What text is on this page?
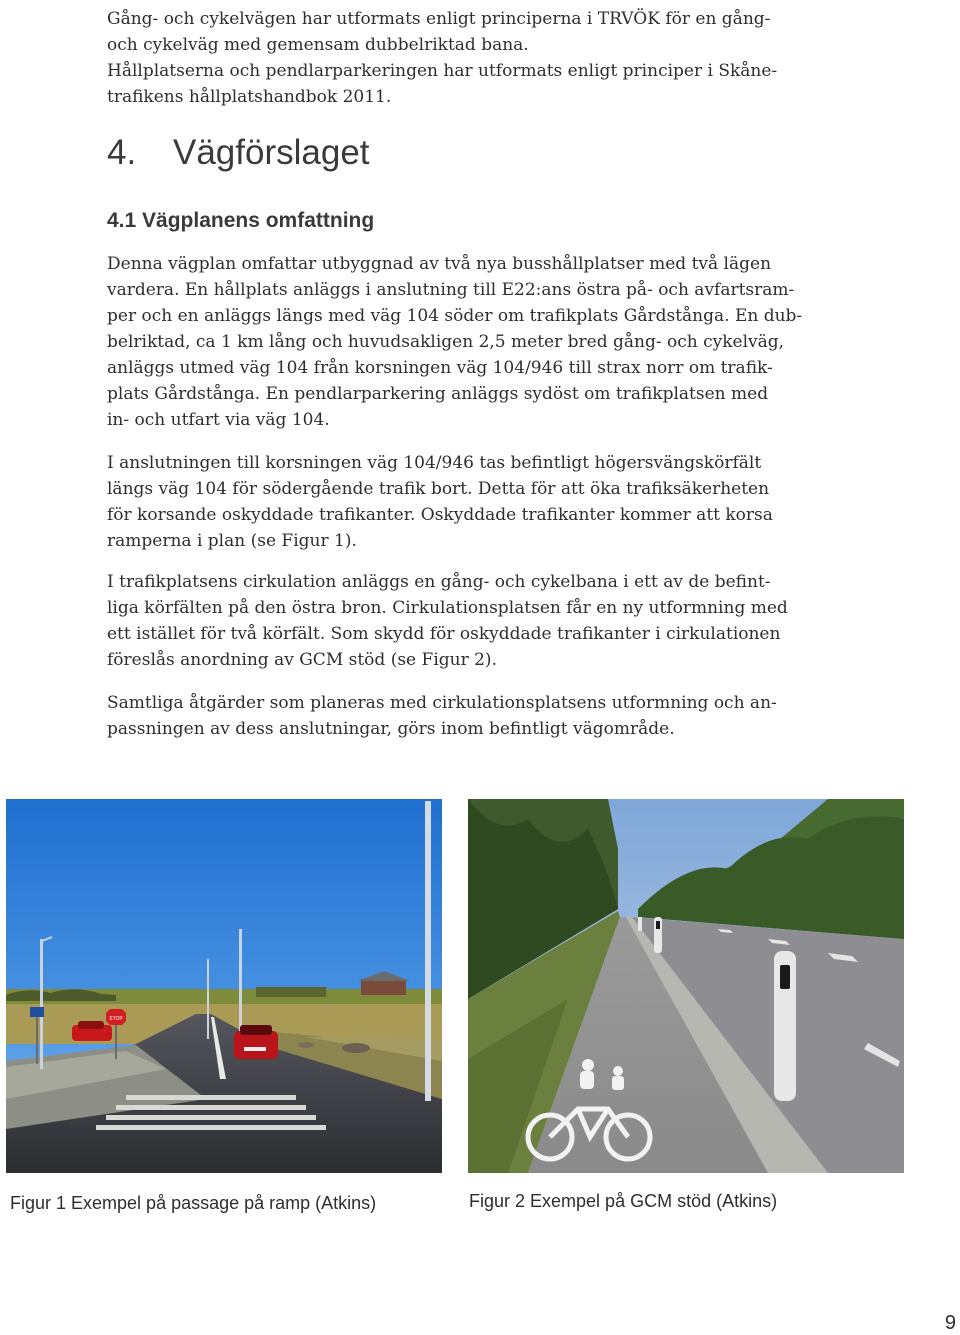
Gång- och cykelvägen har utformats enligt principerna i TRVÖK för en gång-
och cykelväg med gemensam dubbelriktad bana.
Hållplatserna och pendlarparkeringen har utformats enligt principer i Skåne-
trafikens hållplatshandbok 2011.
4. Vägförslaget
4.1 Vägplanens omfattning
Denna vägplan omfattar utbyggnad av två nya busshållplatser med två lägen
vardera. En hållplats anläggs i anslutning till E22:ans östra på- och avfartsram-
per och en anläggs längs med väg 104 söder om trafikplats Gårdstånga. En dub-
belriktad, ca 1 km lång och huvudsakligen 2,5 meter bred gång- och cykelväg,
anläggs utmed väg 104 från korsningen väg 104/946 till strax norr om trafik-
plats Gårdstånga. En pendlarparkering anläggs sydöst om trafikplatsen med
in- och utfart via väg 104.
I anslutningen till korsningen väg 104/946 tas befintligt högersvängskörfält
längs väg 104 för södergående trafik bort. Detta för att öka trafiksäkerheten
för korsande oskyddade trafikanter. Oskyddade trafikanter kommer att korsa
ramperna i plan (se Figur 1).
I trafikplatsens cirkulation anläggs en gång- och cykelbana i ett av de befint-
liga körfälten på den östra bron. Cirkulationsplatsen får en ny utformning med
ett istället för två körfält. Som skydd för oskyddade trafikanter i cirkulationen
föreslås anordning av GCM stöd (se Figur 2).
Samtliga åtgärder som planeras med cirkulationsplatsens utformning och an-
passningen av dess anslutningar, görs inom befintligt vägområde.
STOP
Figur 1 Exempel på passage på ramp (Atkins)	Figur 2 Exempel på GCM stöd (Atkins)
9
